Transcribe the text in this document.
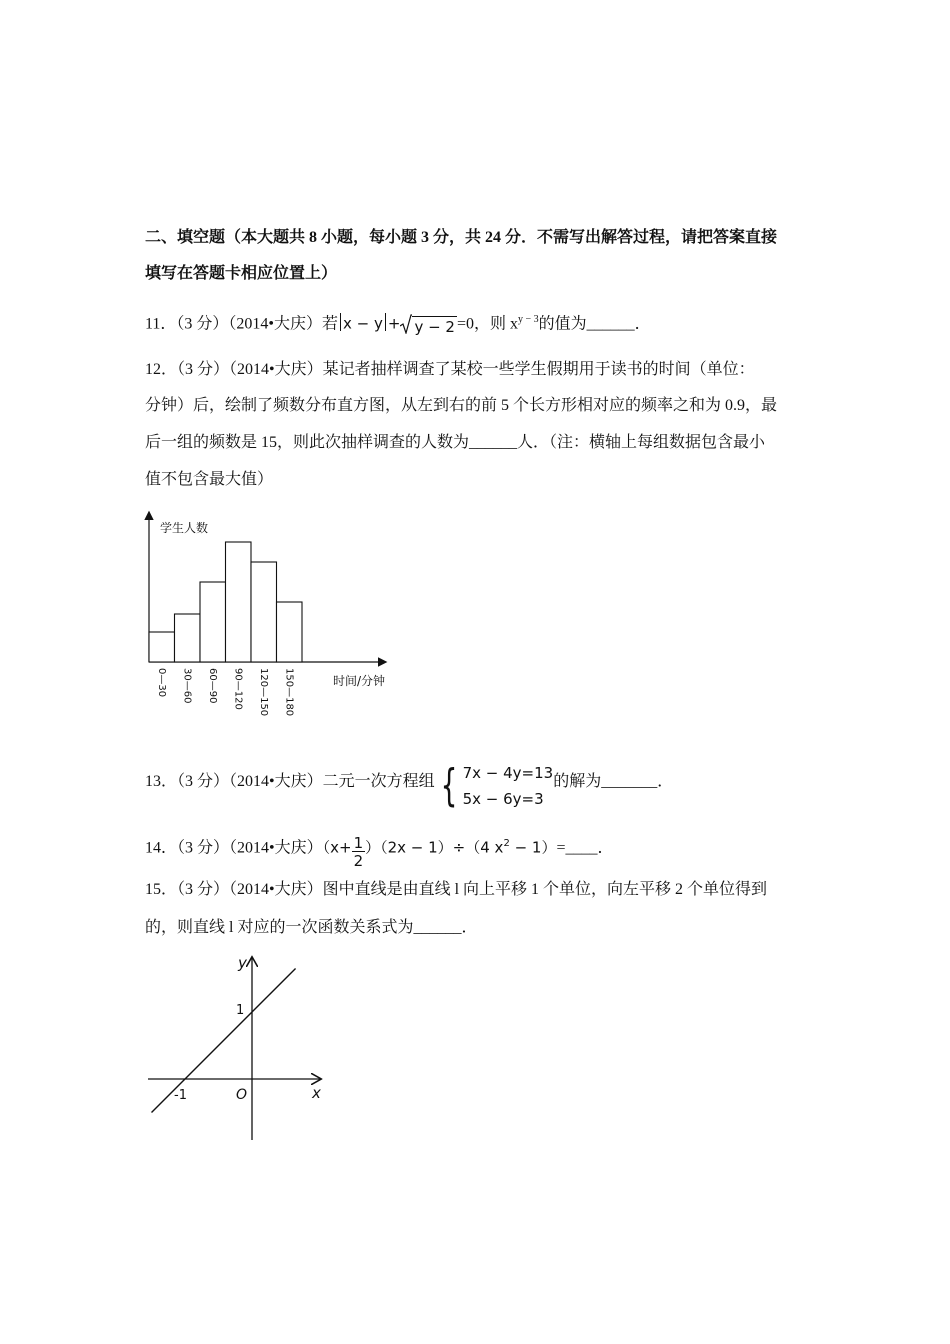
二、填空题（本大题共 8 小题，每小题 3 分，共 24 分．不需写出解答过程，请把答案直接
填写在答题卡相应位置上）
11．（3 分）（2014•大庆）若 x − y + y − 2 =0，则 $x^{y - 3}$的值为______．
12．（3 分）（2014•大庆）某记者抽样调查了某校一些学生假期用于读书的时间（单位：
分钟）后，绘制了频数分布直方图，从左到右的前 5 个长方形相对应的频率之和为 0.9，最
后一组的频数是 15，则此次抽样调查的人数为______人．（注：横轴上每组数据包含最小
值不包含最大值）
学生人数
时间/分钟
0—30 30—60 60—90 90—120 120—150 150—180
13．（3 分）（2014•大庆）二元一次方程组 { 7x − 4y=13
5x − 6y=3
的解为_______．
14．（3 分）（2014•大庆）$(x+ \frac{1}{2} )(2x - 1)\div(4$ $x^2$ − 1）=____．
15．（3 分）（2014•大庆）图中直线是由直线 l 向上平移 1 个单位，向左平移 2 个单位得到
的，则直线 l 对应的一次函数关系式为______．
x
y
-1
1
O
